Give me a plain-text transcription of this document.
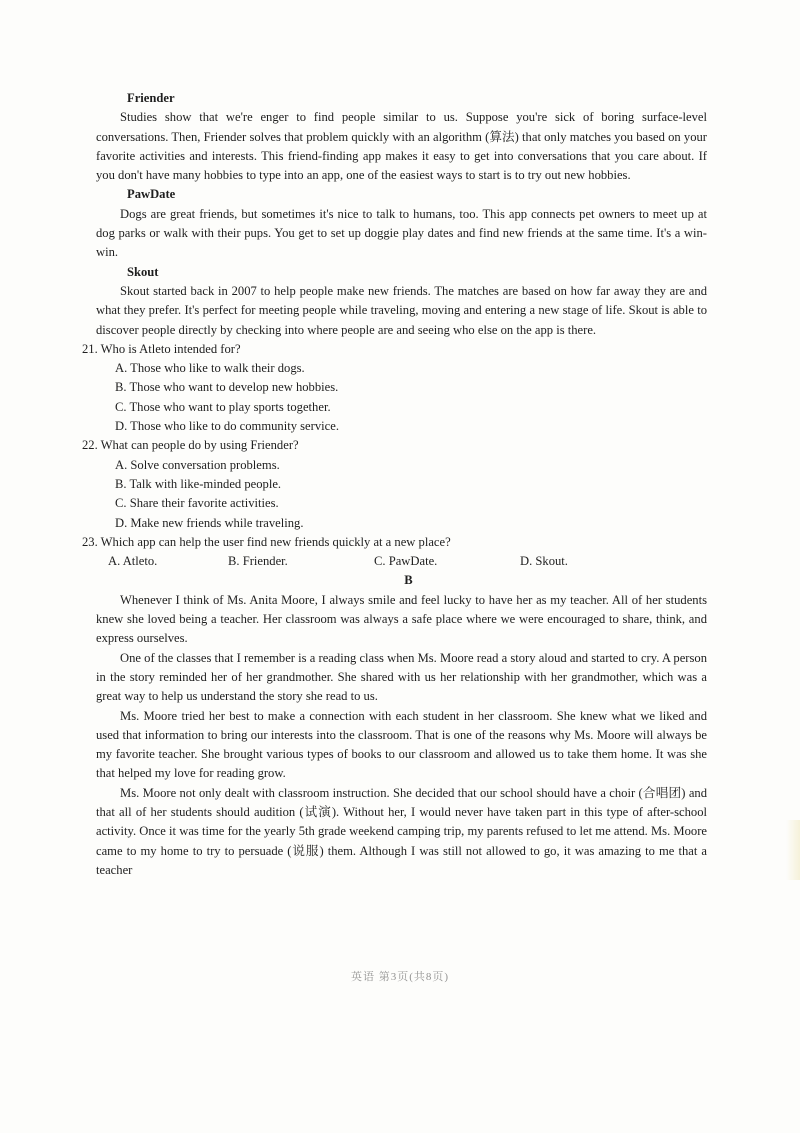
Friender

Studies show that we're enger to find people similar to us. Suppose you're sick of boring surface-level conversations. Then, Friender solves that problem quickly with an algorithm (算法) that only matches you based on your favorite activities and interests. This friend-finding app makes it easy to get into conversations that you care about. If you don't have many hobbies to type into an app, one of the easiest ways to start is to try out new hobbies.

PawDate

Dogs are great friends, but sometimes it's nice to talk to humans, too. This app connects pet owners to meet up at dog parks or walk with their pups. You get to set up doggie play dates and find new friends at the same time. It's a win-win.

Skout

Skout started back in 2007 to help people make new friends. The matches are based on how far away they are and what they prefer. It's perfect for meeting people while traveling, moving and entering a new stage of life. Skout is able to discover people directly by checking into where people are and seeing who else on the app is there.

21. Who is Atleto intended for?

A. Those who like to walk their dogs.
B. Those who want to develop new hobbies.
C. Those who want to play sports together.
D. Those who like to do community service.

22. What can people do by using Friender?

A. Solve conversation problems.
B. Talk with like-minded people.
C. Share their favorite activities.
D. Make new friends while traveling.

23. Which app can help the user find new friends quickly at a new place?

A. Atleto.	B. Friender.	C. PawDate.	D. Skout.
B

Whenever I think of Ms. Anita Moore, I always smile and feel lucky to have her as my teacher. All of her students knew she loved being a teacher. Her classroom was always a safe place where we were encouraged to share, think, and express ourselves.

One of the classes that I remember is a reading class when Ms. Moore read a story aloud and started to cry. A person in the story reminded her of her grandmother. She shared with us her relationship with her grandmother, which was a great way to help us understand the story she read to us.

Ms. Moore tried her best to make a connection with each student in her classroom. She knew what we liked and used that information to bring our interests into the classroom. That is one of the reasons why Ms. Moore will always be my favorite teacher. She brought various types of books to our classroom and allowed us to take them home. It was she that helped my love for reading grow.

Ms. Moore not only dealt with classroom instruction. She decided that our school should have a choir (合唱团) and that all of her students should audition (试演). Without her, I would never have taken part in this type of after-school activity. Once it was time for the yearly 5th grade weekend camping trip, my parents refused to let me attend. Ms. Moore came to my home to try to persuade (说服) them. Although I was still not allowed to go, it was amazing to me that a teacher

英语 第3页(共8页)
